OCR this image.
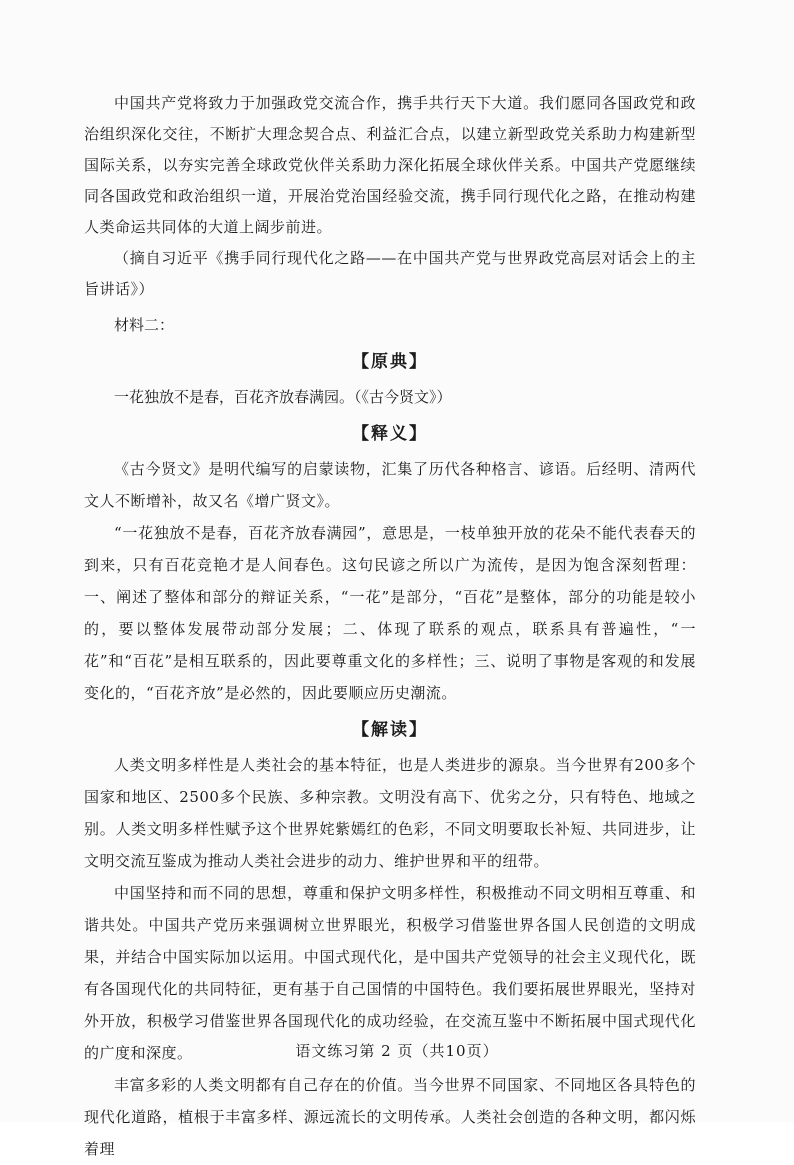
中国共产党将致力于加强政党交流合作，携手共行天下大道。我们愿同各国政党和政治组织深化交往，不断扩大理念契合点、利益汇合点，以建立新型政党关系助力构建新型国际关系，以夯实完善全球政党伙伴关系助力深化拓展全球伙伴关系。中国共产党愿继续同各国政党和政治组织一道，开展治党治国经验交流，携手同行现代化之路，在推动构建人类命运共同体的大道上阔步前进。

（摘自习近平《携手同行现代化之路——在中国共产党与世界政党高层对话会上的主旨讲话》）

材料二：

【原典】

一花独放不是春，百花齐放春满园。（《古今贤文》）

【释义】

《古今贤文》是明代编写的启蒙读物，汇集了历代各种格言、谚语。后经明、清两代文人不断增补，故又名《增广贤文》。

“一花独放不是春，百花齐放春满园”，意思是，一枝单独开放的花朵不能代表春天的到来，只有百花竞艳才是人间春色。这句民谚之所以广为流传，是因为饱含深刻哲理：一、阐述了整体和部分的辩证关系，“一花”是部分，“百花”是整体，部分的功能是较小的，要以整体发展带动部分发展；二、体现了联系的观点，联系具有普遍性，“一花”和“百花”是相互联系的，因此要尊重文化的多样性；三、说明了事物是客观的和发展变化的，“百花齐放”是必然的，因此要顺应历史潮流。

【解读】

人类文明多样性是人类社会的基本特征，也是人类进步的源泉。当今世界有200多个国家和地区、2500多个民族、多种宗教。文明没有高下、优劣之分，只有特色、地域之别。人类文明多样性赋予这个世界姹紫嫣红的色彩，不同文明要取长补短、共同进步，让文明交流互鉴成为推动人类社会进步的动力、维护世界和平的纽带。

中国坚持和而不同的思想，尊重和保护文明多样性，积极推动不同文明相互尊重、和谐共处。中国共产党历来强调树立世界眼光，积极学习借鉴世界各国人民创造的文明成果，并结合中国实际加以运用。中国式现代化，是中国共产党领导的社会主义现代化，既有各国现代化的共同特征，更有基于自己国情的中国特色。我们要拓展世界眼光，坚持对外开放，积极学习借鉴世界各国现代化的成功经验，在交流互鉴中不断拓展中国式现代化的广度和深度。

丰富多彩的人类文明都有自己存在的价值。当今世界不同国家、不同地区各具特色的现代化道路，植根于丰富多样、源远流长的文明传承。人类社会创造的各种文明，都闪烁着理

语文练习第 2 页（共10页）
